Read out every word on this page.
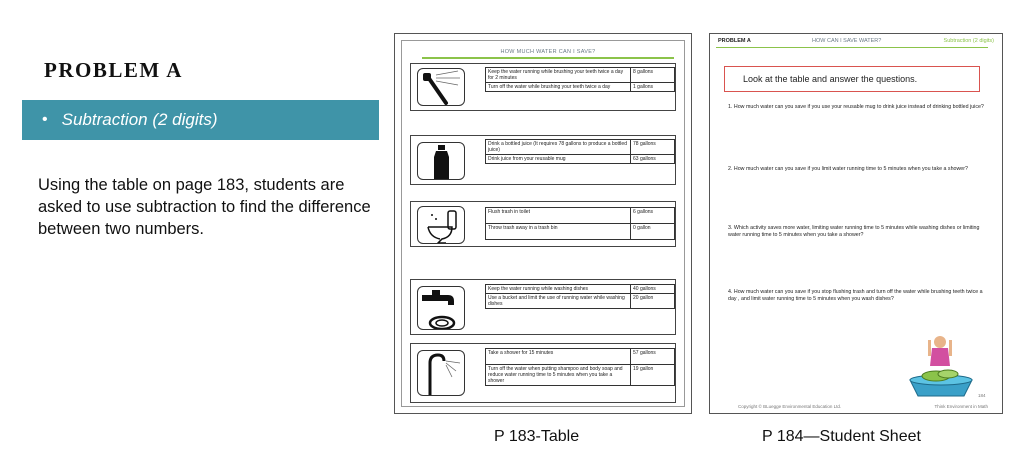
PROBLEM A
• Subtraction (2 digits)
Using the table on page 183, students are asked to use subtraction to find the difference between two numbers.
HOW MUCH WATER CAN I SAVE?
Keep the water running while brushing your teeth twice a day for 2 minutes	8 gallons
Turn off the water while brushing your teeth twice a day	1 gallons
Drink a bottled juice (It requires 78 gallons to produce a bottled juice)	78 gallons
Drink juice from your reusable mug	63 gallons
Flush trash in toilet	6 gallons
Throw trash away in a trash bin	0 gallon
Keep the water running while washing dishes	40 gallons
Use a bucket and limit the use of running water while washing dishes	20 gallon
Take a shower for 15 minutes	57 gallons
Turn off the water when putting shampoo and body soap and reduce water running time to 5 minutes when you take a shower	19 gallon
P 183-Table
PROBLEM A	HOW CAN I SAVE WATER?	Subtraction (2 digits)
Look at the table and answer the questions.
1. How much water can you save if you use your reusable mug to drink juice instead of drinking bottled juice?
2. How much water can you save if you limit water running time to 5 minutes when you take a shower?
3. Which activity saves more water, limiting water running time to 5 minutes while washing dishes or limiting water running time to 5 minutes when you take a shower?
4. How much water can you save if you stop flushing trash and turn off the water while brushing teeth twice a day , and limit water running time to 5 minutes when you wash dishes?
184
Copyright © BLuegge Environmental Education Ltd.	Think Environment in Math
P 184—Student Sheet
